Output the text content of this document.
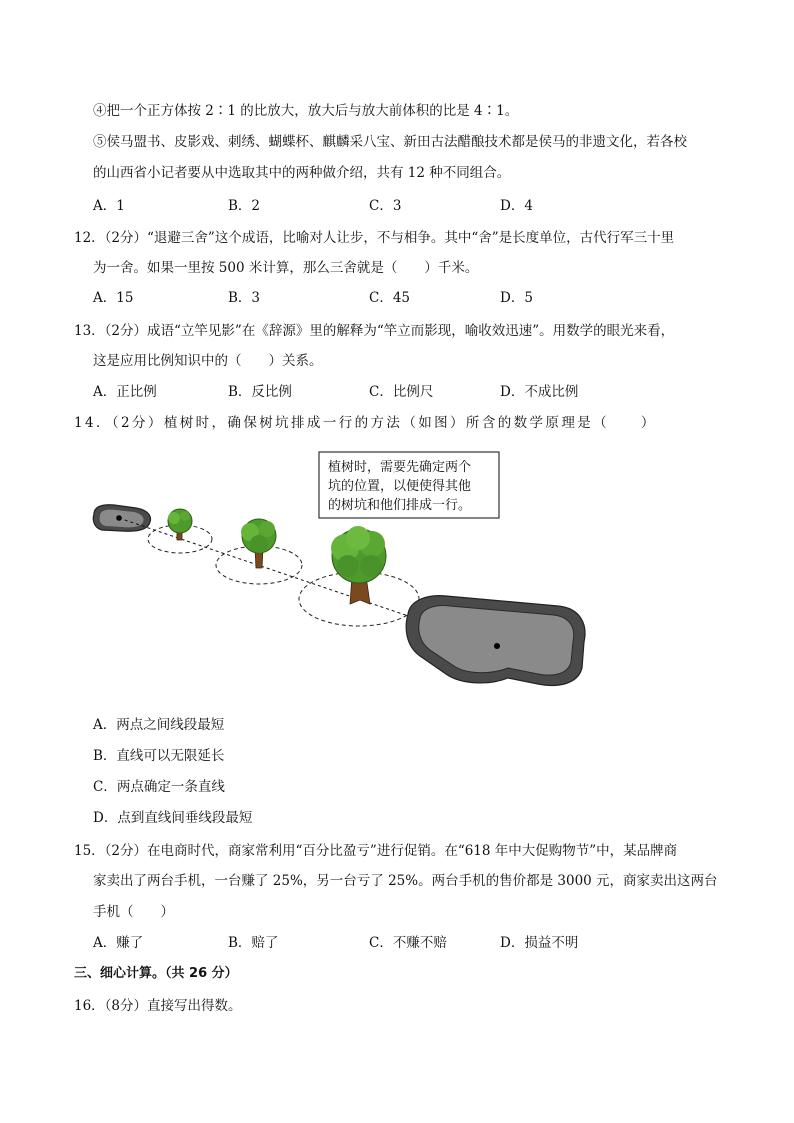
④把一个正方体按 2∶1 的比放大，放大后与放大前体积的比是 4∶1。
⑤侯马盟书、皮影戏、刺绣、蝴蝶杯、麒麟采八宝、新田古法醋酿技术都是侯马的非遗文化，若各校
的山西省小记者要从中选取其中的两种做介绍，共有 12 种不同组合。
A．1	B．2	C．3	D．4
12．（2分）“退避三舍”这个成语，比喻对人让步，不与相争。其中“舍”是长度单位，古代行军三十里
为一舍。如果一里按 500 米计算，那么三舍就是（　　）千米。
A．15	B．3	C．45	D．5
13．（2分）成语“立竿见影”在《辞源》里的解释为“竿立而影现，喻收效迅速”。用数学的眼光来看，
这是应用比例知识中的（　　）关系。
A．正比例	B．反比例	C．比例尺	D．不成比例
14．（2分）植树时，确保树坑排成一行的方法（如图）所含的数学原理是（　　）
植树时，需要先确定两个
坑的位置，以便使得其他
的树坑和他们排成一行。
A．两点之间线段最短
B．直线可以无限延长
C．两点确定一条直线
D．点到直线间垂线段最短
15．（2分）在电商时代，商家常利用“百分比盈亏”进行促销。在“618 年中大促购物节”中，某品牌商
家卖出了两台手机，一台赚了 25%，另一台亏了 25%。两台手机的售价都是 3000 元，商家卖出这两台
手机（　　）
A．赚了	B．赔了	C．不赚不赔	D．损益不明
三、细心计算。（共 26 分）
16．（8分）直接写出得数。
